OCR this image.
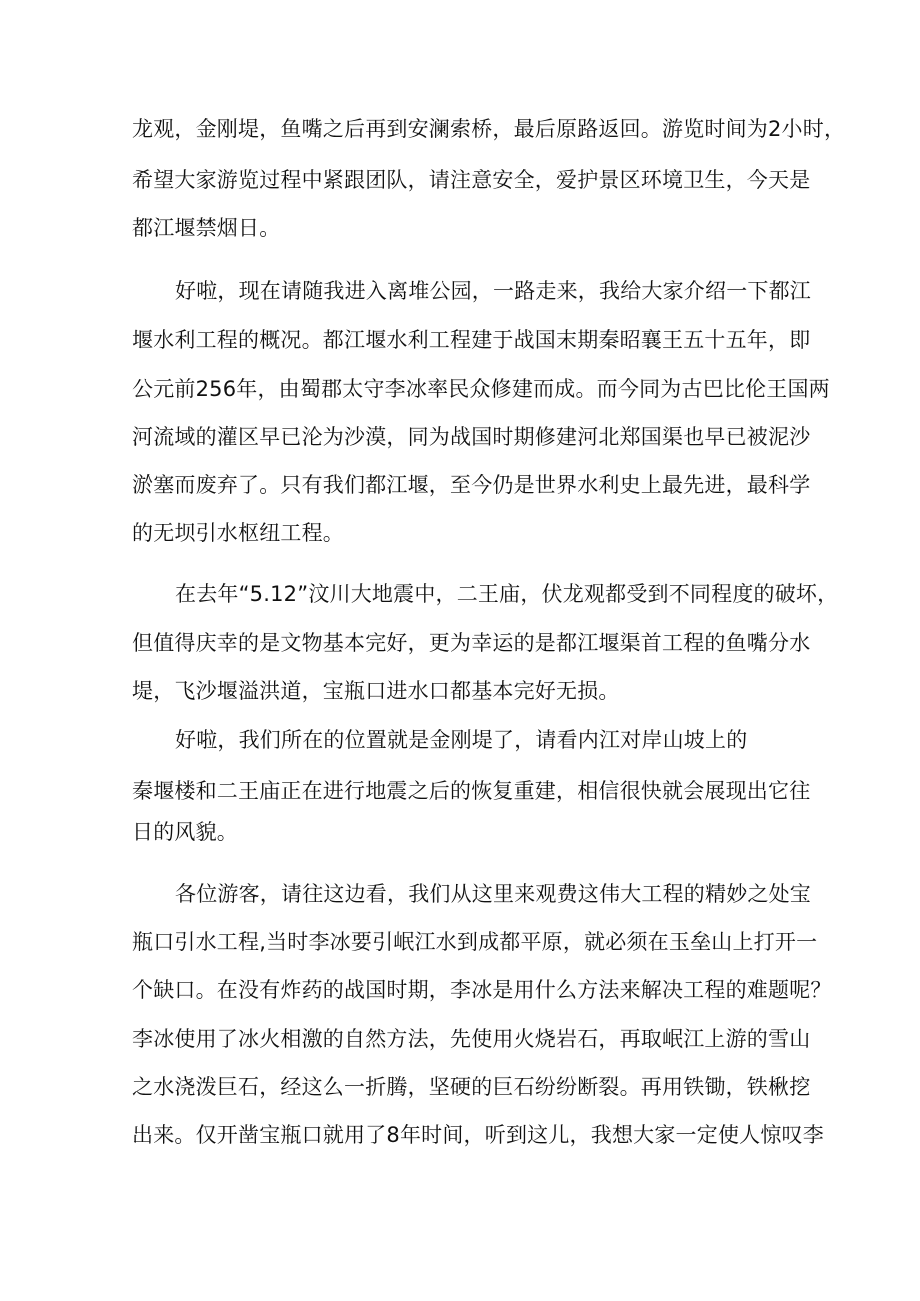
龙观，金刚堤，鱼嘴之后再到安澜索桥，最后原路返回。游览时间为2小时，
希望大家游览过程中紧跟团队，请注意安全，爱护景区环境卫生，今天是
都江堰禁烟日。
好啦，现在请随我进入离堆公园，一路走来，我给大家介绍一下都江
堰水利工程的概况。都江堰水利工程建于战国末期秦昭襄王五十五年，即
公元前256年，由蜀郡太守李冰率民众修建而成。而今同为古巴比伦王国两
河流域的灌区早已沦为沙漠，同为战国时期修建河北郑国渠也早已被泥沙
淤塞而废弃了。只有我们都江堰，至今仍是世界水利史上最先进，最科学
的无坝引水枢纽工程。
在去年“5.12”汶川大地震中，二王庙，伏龙观都受到不同程度的破坏，
但值得庆幸的是文物基本完好，更为幸运的是都江堰渠首工程的鱼嘴分水
堤，飞沙堰溢洪道，宝瓶口进水口都基本完好无损。
好啦，我们所在的位置就是金刚堤了，请看内江对岸山坡上的
秦堰楼和二王庙正在进行地震之后的恢复重建，相信很快就会展现出它往
日的风貌。
各位游客，请往这边看，我们从这里来观费这伟大工程的精妙之处宝
瓶口引水工程,当时李冰要引岷江水到成都平原，就必须在玉垒山上打开一
个缺口。在没有炸药的战国时期，李冰是用什么方法来解决工程的难题呢？
李冰使用了冰火相激的自然方法，先使用火烧岩石，再取岷江上游的雪山
之水浇泼巨石，经这么一折腾，坚硬的巨石纷纷断裂。再用铁锄，铁楸挖
出来。仅开凿宝瓶口就用了8年时间，听到这儿，我想大家一定使人惊叹李
